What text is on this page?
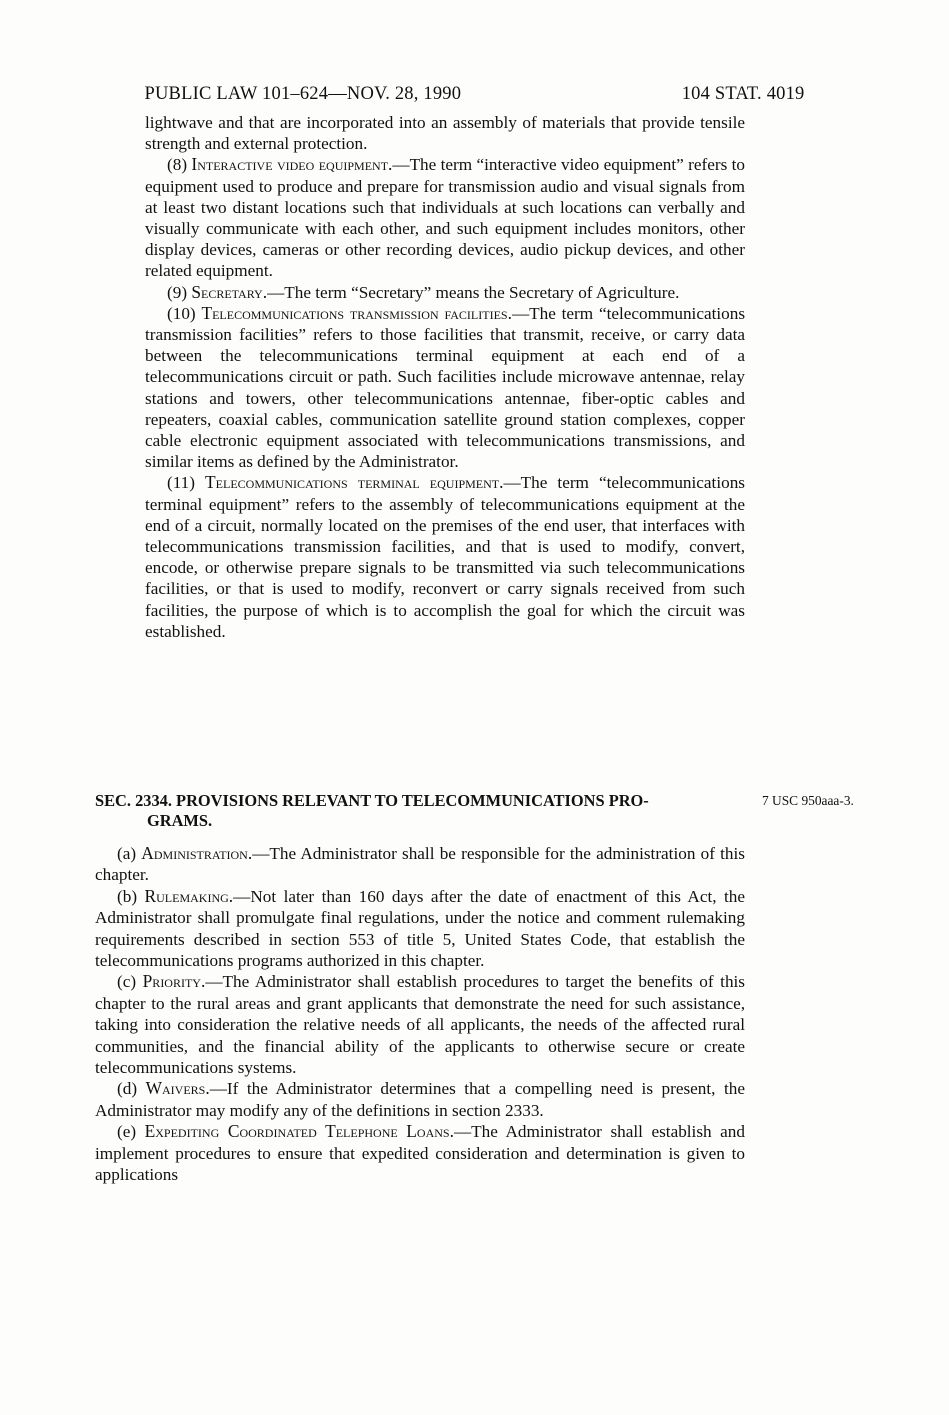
PUBLIC LAW 101–624—NOV. 28, 1990	104 STAT. 4019

lightwave and that are incorporated into an assembly of materials that provide tensile strength and external protection.

(8) Interactive video equipment.—The term “interactive video equipment” refers to equipment used to produce and prepare for transmission audio and visual signals from at least two distant locations such that individuals at such locations can verbally and visually communicate with each other, and such equipment includes monitors, other display devices, cameras or other recording devices, audio pickup devices, and other related equipment.

(9) Secretary.—The term “Secretary” means the Secretary of Agriculture.

(10) Telecommunications transmission facilities.—The term “telecommunications transmission facilities” refers to those facilities that transmit, receive, or carry data between the telecommunications terminal equipment at each end of a telecommunications circuit or path. Such facilities include microwave antennae, relay stations and towers, other telecommunications antennae, fiber-optic cables and repeaters, coaxial cables, communication satellite ground station complexes, copper cable electronic equipment associated with telecommunications transmissions, and similar items as defined by the Administrator.

(11) Telecommunications terminal equipment.—The term “telecommunications terminal equipment” refers to the assembly of telecommunications equipment at the end of a circuit, normally located on the premises of the end user, that interfaces with telecommunications transmission facilities, and that is used to modify, convert, encode, or otherwise prepare signals to be transmitted via such telecommunications facilities, or that is used to modify, reconvert or carry signals received from such facilities, the purpose of which is to accomplish the goal for which the circuit was established.

SEC. 2334. PROVISIONS RELEVANT TO TELECOMMUNICATIONS PRO-
GRAMS.
7 USC 950aaa-3.

(a) Administration.—The Administrator shall be responsible for the administration of this chapter.

(b) Rulemaking.—Not later than 160 days after the date of enactment of this Act, the Administrator shall promulgate final regulations, under the notice and comment rulemaking requirements described in section 553 of title 5, United States Code, that establish the telecommunications programs authorized in this chapter.

(c) Priority.—The Administrator shall establish procedures to target the benefits of this chapter to the rural areas and grant applicants that demonstrate the need for such assistance, taking into consideration the relative needs of all applicants, the needs of the affected rural communities, and the financial ability of the applicants to otherwise secure or create telecommunications systems.

(d) Waivers.—If the Administrator determines that a compelling need is present, the Administrator may modify any of the definitions in section 2333.

(e) Expediting Coordinated Telephone Loans.—The Administrator shall establish and implement procedures to ensure that expedited consideration and determination is given to applications
